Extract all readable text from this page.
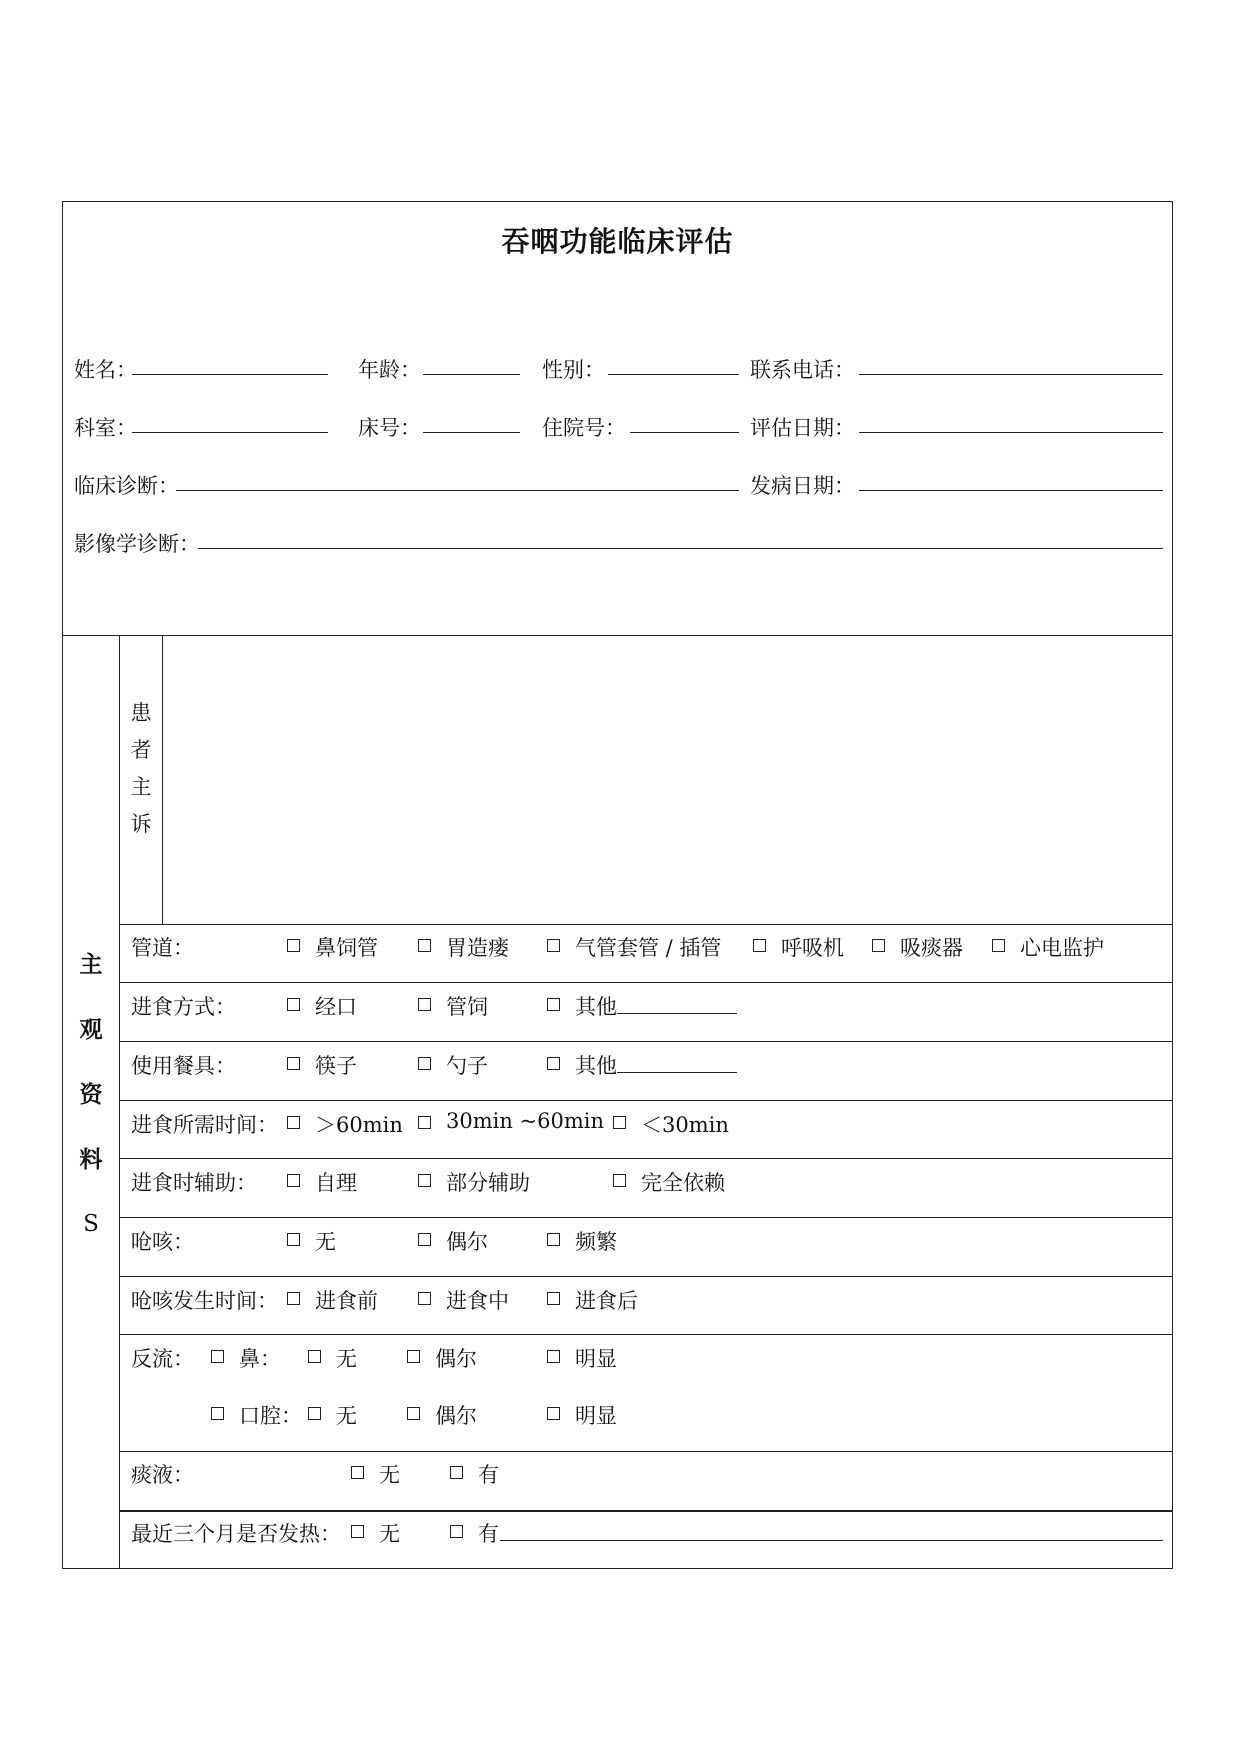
吞咽功能临床评估
姓名：	年龄：	性别：	联系电话：
科室：	床号：	住院号：	评估日期：
临床诊断：	发病日期：
影像学诊断：
主
观
资
料
S
患
者
主
诉
管道：	鼻饲管	胃造瘘	气管套管 / 插管	呼吸机	吸痰器	心电监护
进食方式：	经口	管饲	其他
使用餐具：	筷子	勺子	其他
进食所需时间： ＞60min 30min ~60min ＜30min
进食时辅助：	自理	部分辅助	完全依赖
呛咳：	无	偶尔	频繁
呛咳发生时间： 进食前	进食中	进食后
反流： 鼻：	无	偶尔	明显
口腔： 无	偶尔	明显
痰液：	无	有
最近三个月是否发热： 无	有
